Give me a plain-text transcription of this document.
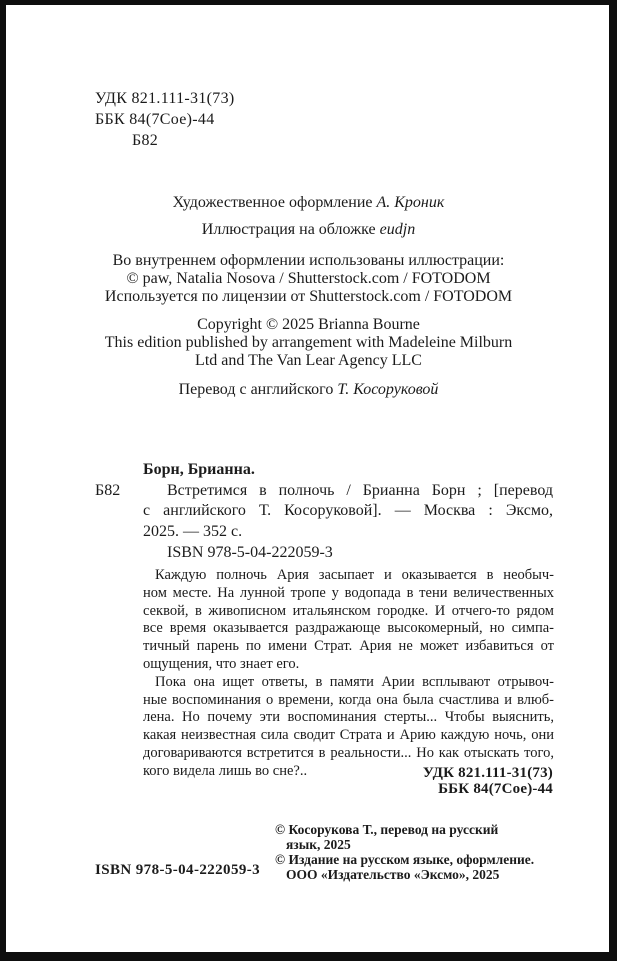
УДК 821.111-31(73)
ББК 84(7Сое)-44
Б82
Художественное оформление А. Кроник
Иллюстрация на обложке eudjn
Во внутреннем оформлении использованы иллюстрации:
© paw, Natalia Nosova / Shutterstock.com / FOTODOM
Используется по лицензии от Shutterstock.com / FOTODOM
Copyright © 2025 Brianna Bourne
This edition published by arrangement with Madeleine Milburn
Ltd and The Van Lear Agency LLC
Перевод с английского Т. Косоруковой
Б82
Борн, Брианна.
Встретимся в полночь / Брианна Борн ; [перевод
с английского Т. Косоруковой]. — Москва : Эксмо,
2025. — 352 с.
ISBN 978-5-04-222059-3
Каждую полночь Ария засыпает и оказывается в необыч-
ном месте. На лунной тропе у водопада в тени величественных
секвой, в живописном итальянском городке. И отчего-то рядом
все время оказывается раздражающе высокомерный, но симпа-
тичный парень по имени Страт. Ария не может избавиться от
ощущения, что знает его.
Пока она ищет ответы, в памяти Арии всплывают отрывоч-
ные воспоминания о времени, когда она была счастлива и влюб-
лена. Но почему эти воспоминания стерты... Чтобы выяснить,
какая неизвестная сила сводит Страта и Арию каждую ночь, они
договариваются встретится в реальности... Но как отыскать того,
кого видела лишь во сне?..	УДК 821.111-31(73)
ББК 84(7Сое)-44
ISBN 978-5-04-222059-3
© Косорукова Т., перевод на русский
язык, 2025
© Издание на русском языке, оформление.
ООО «Издательство «Эксмо», 2025
